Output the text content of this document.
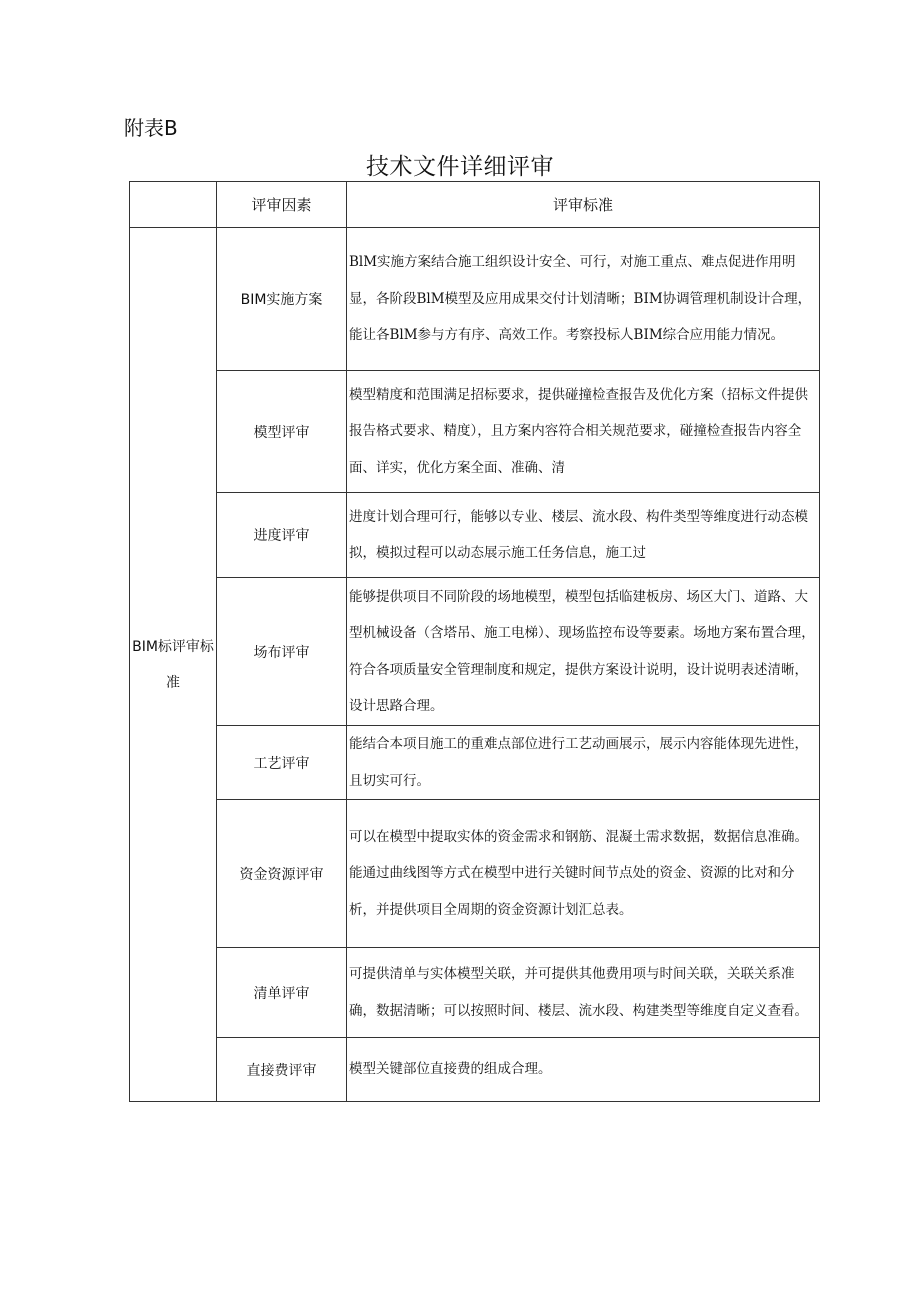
附表B
技术文件详细评审
	评审因素	评审标准
BIM标评审标准	BIM实施方案	BlM实施方案结合施工组织设计安全、可行，对施工重点、难点促进作用明显，各阶段BlM模型及应用成果交付计划清晰；BIM协调管理机制设计合理，能让各BlM参与方有序、高效工作。考察投标人BIM综合应用能力情况。
	模型评审	模型精度和范围满足招标要求，提供碰撞检查报告及优化方案（招标文件提供报告格式要求、精度），且方案内容符合相关规范要求，碰撞检查报告内容全面、详实，优化方案全面、准确、清
	进度评审	进度计划合理可行，能够以专业、楼层、流水段、构件类型等维度进行动态模拟，模拟过程可以动态展示施工任务信息，施工过
	场布评审	能够提供项目不同阶段的场地模型，模型包括临建板房、场区大门、道路、大型机械设备（含塔吊、施工电梯）、现场监控布设等要素。场地方案布置合理，符合各项质量安全管理制度和规定，提供方案设计说明，设计说明表述清晰，设计思路合理。
	工艺评审	能结合本项目施工的重难点部位进行工艺动画展示，展示内容能体现先进性，且切实可行。
	资金资源评审	可以在模型中提取实体的资金需求和钢筋、混凝土需求数据，数据信息准确。能通过曲线图等方式在模型中进行关键时间节点处的资金、资源的比对和分析，并提供项目全周期的资金资源计划汇总表。
	清单评审	可提供清单与实体模型关联，并可提供其他费用项与时间关联，关联关系准确，数据清晰；可以按照时间、楼层、流水段、构建类型等维度自定义查看。
	直接费评审	模型关键部位直接费的组成合理。
